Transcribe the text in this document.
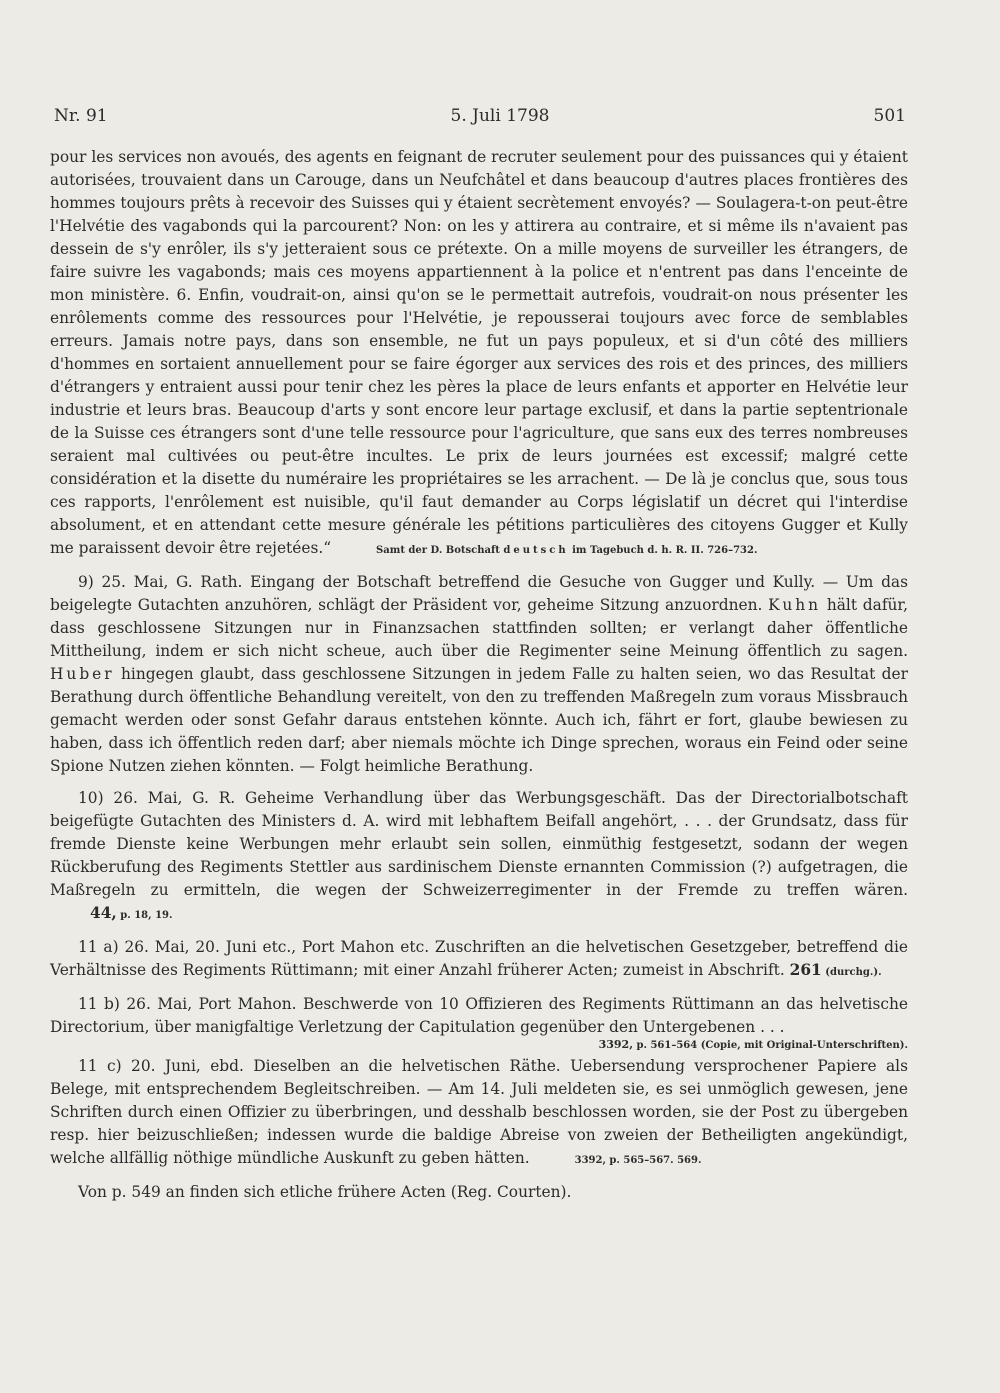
Nr. 91	5. Juli 1798	501

pour les services non avoués, des agents en feignant de recruter seulement pour des puissances qui y étaient autorisées, trouvaient dans un Carouge, dans un Neufchâtel et dans beaucoup d'autres places frontières des hommes toujours prêts à recevoir des Suisses qui y étaient secrètement envoyés? — Soulagera-t-on peut-être l'Helvétie des vagabonds qui la parcourent? Non: on les y attirera au contraire, et si même ils n'avaient pas dessein de s'y enrôler, ils s'y jetteraient sous ce prétexte. On a mille moyens de surveiller les étrangers, de faire suivre les vagabonds; mais ces moyens appartiennent à la police et n'entrent pas dans l'enceinte de mon ministère. 6. Enfin, voudrait-on, ainsi qu'on se le permettait autrefois, voudrait-on nous présenter les enrôlements comme des ressources pour l'Helvétie, je repousserai toujours avec force de semblables erreurs. Jamais notre pays, dans son ensemble, ne fut un pays populeux, et si d'un côté des milliers d'hommes en sortaient annuellement pour se faire égorger aux services des rois et des princes, des milliers d'étrangers y entraient aussi pour tenir chez les pères la place de leurs enfants et apporter en Helvétie leur industrie et leurs bras. Beaucoup d'arts y sont encore leur partage exclusif, et dans la partie septentrionale de la Suisse ces étrangers sont d'une telle ressource pour l'agriculture, que sans eux des terres nombreuses seraient mal cultivées ou peut-être incultes. Le prix de leurs journées est excessif; malgré cette considération et la disette du numéraire les propriétaires se les arrachent. — De là je conclus que, sous tous ces rapports, l'enrôlement est nuisible, qu'il faut demander au Corps législatif un décret qui l'interdise absolument, et en attendant cette mesure générale les pétitions particulières des citoyens Gugger et Kully me paraissent devoir être rejetées.“	Samt der D. Botschaft deutsch im Tagebuch d. h. R. II. 726–732.

9) 25. Mai, G. Rath. Eingang der Botschaft betreffend die Gesuche von Gugger und Kully. — Um das beigelegte Gutachten anzuhören, schlägt der Präsident vor, geheime Sitzung anzuordnen. Kuhn hält dafür, dass geschlossene Sitzungen nur in Finanzsachen stattfinden sollten; er verlangt daher öffentliche Mittheilung, indem er sich nicht scheue, auch über die Regimenter seine Meinung öffentlich zu sagen. Huber hingegen glaubt, dass geschlossene Sitzungen in jedem Falle zu halten seien, wo das Resultat der Berathung durch öffentliche Behandlung vereitelt, von den zu treffenden Maßregeln zum voraus Missbrauch gemacht werden oder sonst Gefahr daraus entstehen könnte. Auch ich, fährt er fort, glaube bewiesen zu haben, dass ich öffentlich reden darf; aber niemals möchte ich Dinge sprechen, woraus ein Feind oder seine Spione Nutzen ziehen könnten. — Folgt heimliche Berathung.

10) 26. Mai, G. R. Geheime Verhandlung über das Werbungsgeschäft. Das der Directorialbotschaft beigefügte Gutachten des Ministers d. A. wird mit lebhaftem Beifall angehört, . . . der Grundsatz, dass für fremde Dienste keine Werbungen mehr erlaubt sein sollen, einmüthig festgesetzt, sodann der wegen Rückberufung des Regiments Stettler aus sardinischem Dienste ernannten Commission (?) aufgetragen, die Maßregeln zu ermitteln, die wegen der Schweizerregimenter in der Fremde zu treffen wären. 44, p. 18, 19.

11 a) 26. Mai, 20. Juni etc., Port Mahon etc. Zuschriften an die helvetischen Gesetzgeber, betreffend die Verhältnisse des Regiments Rüttimann; mit einer Anzahl früherer Acten; zumeist in Abschrift. 261 (durchg.).

11 b) 26. Mai, Port Mahon. Beschwerde von 10 Offizieren des Regiments Rüttimann an das helvetische Directorium, über manigfaltige Verletzung der Capitulation gegenüber den Untergebenen . . .

3392, p. 561–564 (Copie, mit Original-Unterschriften).

11 c) 20. Juni, ebd. Dieselben an die helvetischen Räthe. Uebersendung versprochener Papiere als Belege, mit entsprechendem Begleitschreiben. — Am 14. Juli meldeten sie, es sei unmöglich gewesen, jene Schriften durch einen Offizier zu überbringen, und desshalb beschlossen worden, sie der Post zu übergeben resp. hier beizuschließen; indessen wurde die baldige Abreise von zweien der Betheiligten angekündigt, welche allfällig nöthige mündliche Auskunft zu geben hätten.	3392, p. 565–567. 569.

Von p. 549 an finden sich etliche frühere Acten (Reg. Courten).
